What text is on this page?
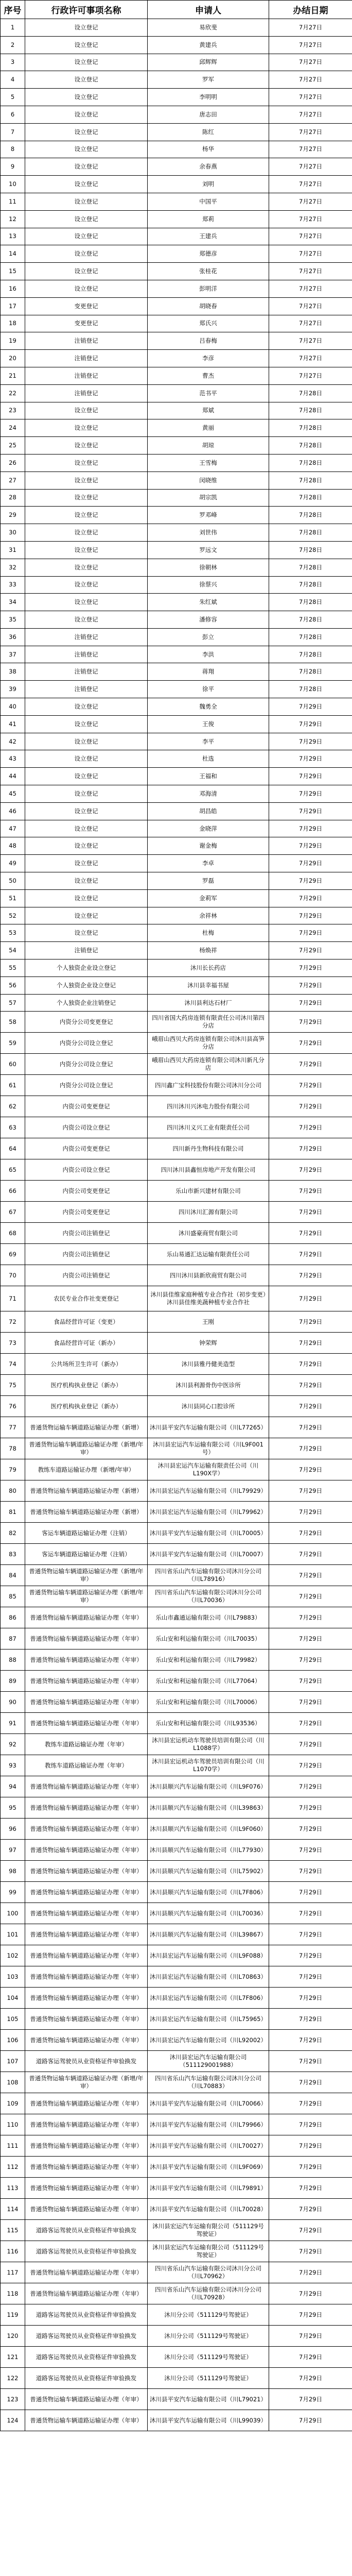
序号	行政许可事项名称	申请人	办结日期
1	设立登记	易欣斐	7月27日
2	设立登记	黄建兵	7月27日
3	设立登记	邱辉辉	7月27日
4	设立登记	罗军	7月27日
5	设立登记	李明明	7月27日
6	设立登记	唐志田	7月27日
7	设立登记	陈红	7月27日
8	设立登记	杨华	7月27日
9	设立登记	余春燕	7月27日
10	设立登记	刘明	7月27日
11	设立登记	中国平	7月27日
12	设立登记	郑莉	7月27日
13	设立登记	王建兵	7月27日
14	设立登记	郑德彦	7月27日
15	设立登记	张桂花	7月27日
16	设立登记	彭明洋	7月27日
17	变更登记	胡晓春	7月27日
18	变更登记	郑氏兴	7月27日
19	注销登记	吕春梅	7月27日
20	注销登记	李彦	7月27日
21	注销登记	曹杰	7月27日
22	注销登记	范书平	7月28日
23	设立登记	郑斌	7月28日
24	设立登记	黄丽	7月28日
25	设立登记	胡琼	7月28日
26	设立登记	王雪梅	7月28日
27	设立登记	闵晓维	7月28日
28	设立登记	胡宗凯	7月28日
29	设立登记	罗邓峰	7月28日
30	设立登记	刘世伟	7月28日
31	设立登记	罗远文	7月28日
32	设立登记	徐朝林	7月28日
33	设立登记	徐蔡兴	7月28日
34	设立登记	朱红斌	7月28日
35	设立登记	潘修容	7月28日
36	注销登记	彭立	7月28日
37	注销登记	李洪	7月28日
38	注销登记	蒋翔	7月28日
39	注销登记	徐平	7月28日
40	设立登记	魏勇全	7月29日
41	设立登记	王俊	7月29日
42	设立登记	李平	7月29日
43	设立登记	杜选	7月29日
44	设立登记	王福和	7月29日
45	设立登记	邓海清	7月29日
46	设立登记	胡昌皓	7月29日
47	设立登记	金晓萍	7月29日
48	设立登记	谢金梅	7月29日
49	设立登记	李卓	7月29日
50	设立登记	罗磊	7月29日
51	设立登记	金莉军	7月29日
52	设立登记	余祥林	7月29日
53	设立登记	杜梅	7月29日
54	注销登记	杨焕祥	7月29日
55	个人独资企业设立登记	沐川长长药店	7月29日
56	个人独资企业设立登记	沐川县幸福书屋	7月29日
57	个人独资企业注销登记	沐川县利达石材厂	7月29日
58	内资分公司变更登记	四川省国大药房连锁有限责任公司沐川第四分店	7月29日
59	内资分公司设立登记	峨眉山西贝大药房连锁有限公司沐川县高笋分店	7月29日
60	内资分公司设立登记	峨眉山西贝大药房连锁有限公司沐川新凡分店	7月29日
61	内资分公司设立登记	四川鑫广宝科技股份有限公司沐川分公司	7月29日
62	内资公司变更登记	四川沐川兴沐电力股份有限公司	7月29日
63	内资公司设立登记	四川沐川义兴工业有限责任公司	7月29日
64	内资公司变更登记	四川新丹生物科技有限公司	7月29日
65	内资公司设立登记	四川沐川县鑫恒房地产开发有限公司	7月29日
66	内资公司变更登记	乐山市新兴建材有限公司	7月29日
67	内资公司变更登记	四川沐川汇源有限公司	7月29日
68	内资公司注销登记	沐川盛豪商贸有限公司	7月29日
69	内资公司注销登记	乐山易通汇达运输有限责任公司	7月29日
70	内资公司注销登记	四川沐川县新欣商贸有限公司	7月29日
71	农民专业合作社变更登记	沐川县佳维家庭种植专业合作社（初步变更）沐川县佳维美蔬种植专业合作社	7月29日
72	食品经营许可证（变更）	王刚	7月29日
73	食品经营许可证（新办）	钟荣辉	7月29日
74	公共场所卫生许可（新办）	沐川县雅丹健美造型	7月29日
75	医疗机构执业登记（新办）	沐川县利源骨伤中医诊所	7月29日
76	医疗机构执业登记（新办）	沐川县同心口腔诊所	7月29日
77	普通货物运输车辆道路运输证办理（新增）	沐川县平安汽车运输有限公司（川L77265）	7月29日
78	普通货物运输车辆道路运输证办理（新增/年审）	沐川县宏运汽车运输有限公司（川L9F001号）	7月29日
79	教练车道路运输证办理（新增/年审）	沐川县宏运汽车运输有限责任公司（川L190X学）	7月29日
80	普通货物运输车辆道路运输证办理（新增）	沐川县宏运汽车运输有限公司（川L79929）	7月29日
81	普通货物运输车辆道路运输证办理（新增）	沐川县宏运汽车运输有限公司（川L79962）	7月29日
82	客运车辆道路运输证办理（注销）	沐川县平安汽车运输有限公司（川L70005）	7月29日
83	客运车辆道路运输证办理（注销）	沐川县平安汽车运输有限公司（川L70007）	7月29日
84	普通货物运输车辆道路运输证办理（新增/年审）	四川省乐山汽车运输有限公司沐川分公司（川L78916）	7月29日
85	普通货物运输车辆道路运输证办理（新增/年审）	四川省乐山汽车运输有限公司沐川分公司（川L70036）	7月29日
86	普通货物运输车辆道路运输证办理（年审）	乐山市鑫通运输有限公司（川L79883）	7月29日
87	普通货物运输车辆道路运输证办理（年审）	乐山安和利运输有限公司（川L70035）	7月29日
88	普通货物运输车辆道路运输证办理（年审）	乐山安和利运输有限公司（川L79982）	7月29日
89	普通货物运输车辆道路运输证办理（年审）	乐山安和利运输有限公司（川L77064）	7月29日
90	普通货物运输车辆道路运输证办理（年审）	乐山安和利运输有限公司（川L70006）	7月29日
91	普通货物运输车辆道路运输证办理（年审）	乐山安和利运输有限公司（川L93536）	7月29日
92	教练车道路运输证办理（年审）	沐川县宏运机动车驾驶员培训有限公司（川L1088学）	7月29日
93	教练车道路运输证办理（年审）	沐川县宏运机动车驾驶员培训有限公司（川L1070学）	7月29日
94	普通货物运输车辆道路运输证办理（年审）	沐川县顺兴汽车运输有限公司（川L9F076）	7月29日
95	普通货物运输车辆道路运输证办理（年审）	沐川县顺兴汽车运输有限公司（川L39863）	7月29日
96	普通货物运输车辆道路运输证办理（年审）	沐川县顺兴汽车运输有限公司（川L9F060）	7月29日
97	普通货物运输车辆道路运输证办理（年审）	沐川县顺兴汽车运输有限公司（川L77930）	7月29日
98	普通货物运输车辆道路运输证办理（年审）	沐川县顺兴汽车运输有限公司（川L75902）	7月29日
99	普通货物运输车辆道路运输证办理（年审）	沐川县顺兴汽车运输有限公司（川L7F806）	7月29日
100	普通货物运输车辆道路运输证办理（年审）	沐川县顺兴汽车运输有限公司（川L70036）	7月29日
101	普通货物运输车辆道路运输证办理（年审）	沐川县顺兴汽车运输有限公司（川L39867）	7月29日
102	普通货物运输车辆道路运输证办理（年审）	沐川县宏运汽车运输有限公司（川L9F088）	7月29日
103	普通货物运输车辆道路运输证办理（年审）	沐川县宏运汽车运输有限公司（川L70863）	7月29日
104	普通货物运输车辆道路运输证办理（年审）	沐川县宏运汽车运输有限公司（川L7F806）	7月29日
105	普通货物运输车辆道路运输证办理（年审）	沐川县宏运汽车运输有限公司（川L75965）	7月29日
106	普通货物运输车辆道路运输证办理（年审）	沐川县宏运汽车运输有限公司（川L92002）	7月29日
107	道路客运驾驶员从业资格证件审验换发	沐川县宏运汽车运输有限公司（511129001988）	7月29日
108	普通货物运输车辆道路运输证办理（新增/年审）	四川省乐山汽车运输有限公司沐川分公司（川L70883）	7月29日
109	普通货物运输车辆道路运输证办理（年审）	沐川县平安汽车运输有限公司（川L70066）	7月29日
110	普通货物运输车辆道路运输证办理（年审）	沐川县平安汽车运输有限公司（川L79966）	7月29日
111	普通货物运输车辆道路运输证办理（年审）	沐川县平安汽车运输有限公司（川L70027）	7月29日
112	普通货物运输车辆道路运输证办理（年审）	沐川县平安汽车运输有限公司（川L9F069）	7月29日
113	普通货物运输车辆道路运输证办理（年审）	沐川县平安汽车运输有限公司（川L79891）	7月29日
114	普通货物运输车辆道路运输证办理（年审）	沐川县平安汽车运输有限公司（川L70028）	7月29日
115	道路客运驾驶员从业资格证件审验换发	沐川县宏运汽车运输有限公司（511129号驾驶证）	7月29日
116	道路客运驾驶员从业资格证件审验换发	沐川县宏运汽车运输有限公司（511129号驾驶证）	7月29日
117	普通货物运输车辆道路运输证办理（年审）	四川省乐山汽车运输有限公司沐川分公司（川L70962）	7月29日
118	普通货物运输车辆道路运输证办理（年审）	四川省乐山汽车运输有限公司沐川分公司（川L70928）	7月29日
119	道路客运驾驶员从业资格证件审验换发	沐川分公司（511129号驾驶证）	7月29日
120	道路客运驾驶员从业资格证件审验换发	沐川分公司（511129号驾驶证）	7月29日
121	道路客运驾驶员从业资格证件审验换发	沐川分公司（511129号驾驶证）	7月29日
122	道路客运驾驶员从业资格证件审验换发	沐川分公司（511129号驾驶证）	7月29日
123	普通货物运输车辆道路运输证办理（年审）	沐川县平安汽车运输有限公司（川L79021）	7月29日
124	普通货物运输车辆道路运输证办理（年审）	沐川县平安汽车运输有限公司（川L99039）	7月29日
